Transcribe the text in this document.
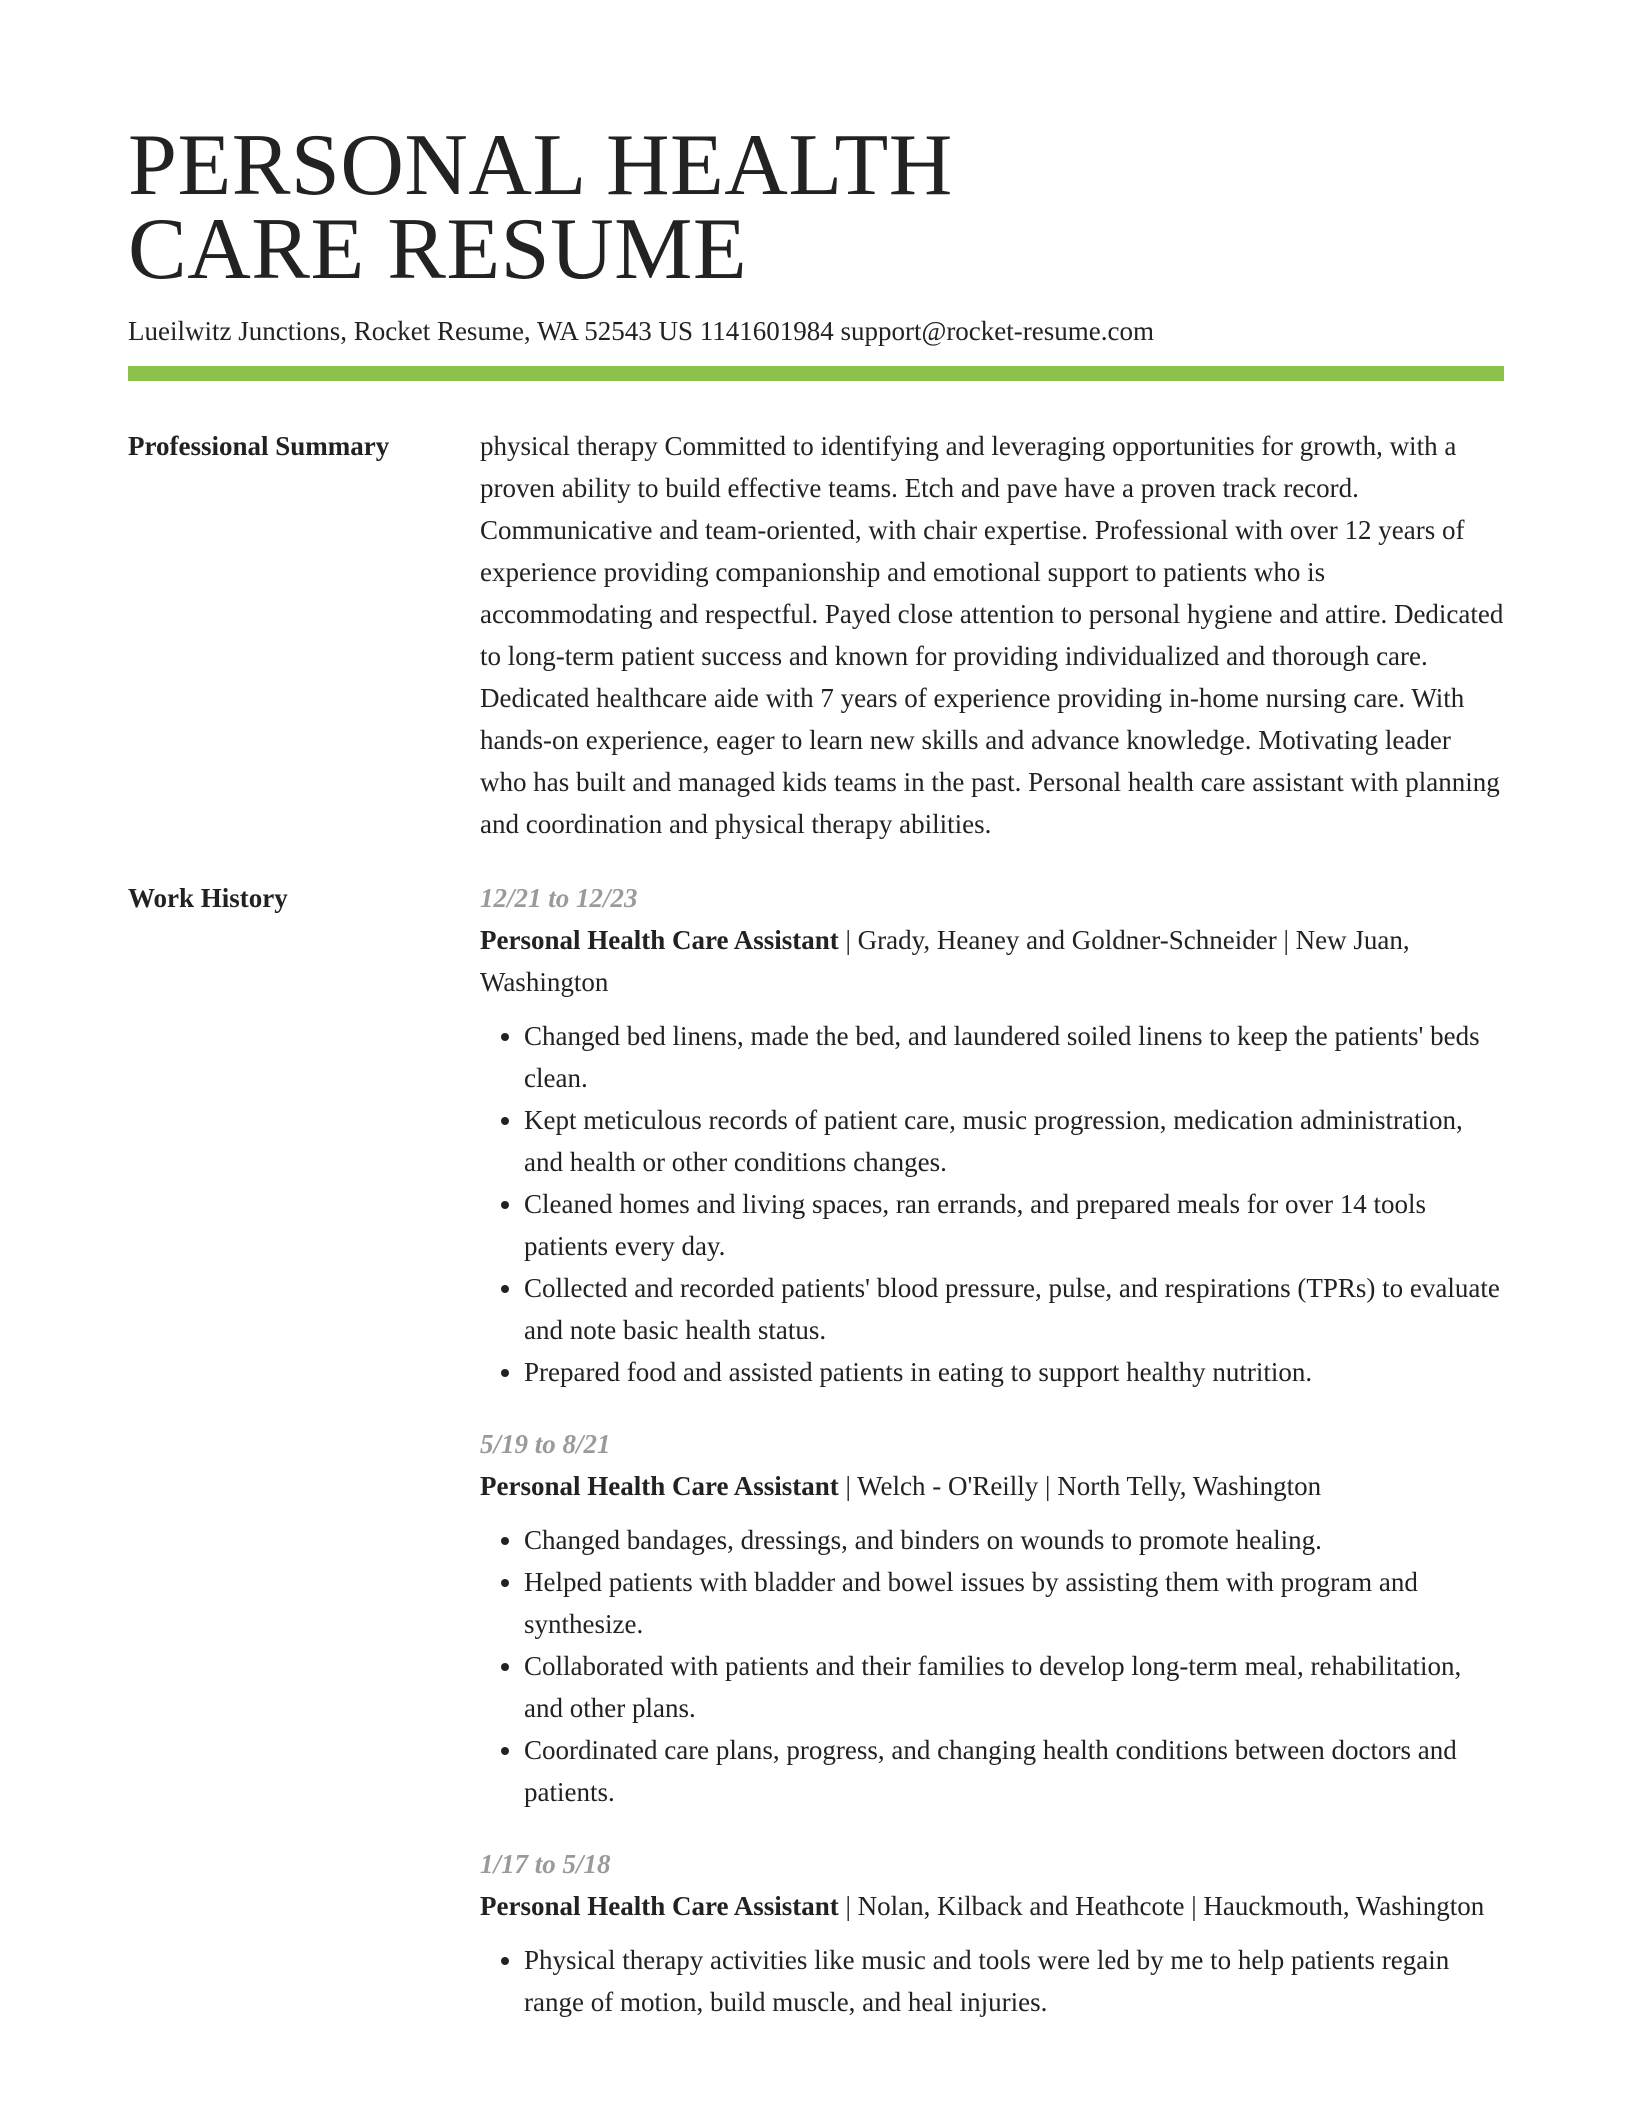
PERSONAL HEALTH
CARE RESUME
Lueilwitz Junctions, Rocket Resume, WA 52543 US 1141601984 support@rocket-resume.com
Professional Summary	physical therapy Committed to identifying and leveraging opportunities for growth, with a proven ability to build effective teams. Etch and pave have a proven track record. Communicative and team-oriented, with chair expertise. Professional with over 12 years of experience providing companionship and emotional support to patients who is accommodating and respectful. Payed close attention to personal hygiene and attire. Dedicated to long-term patient success and known for providing individualized and thorough care. Dedicated healthcare aide with 7 years of experience providing in-home nursing care. With hands-on experience, eager to learn new skills and advance knowledge. Motivating leader who has built and managed kids teams in the past. Personal health care assistant with planning and coordination and physical therapy abilities.

Work History	12/21 to 12/23

Personal Health Care Assistant | Grady, Heaney and Goldner-Schneider | New Juan, Washington

• Changed bed linens, made the bed, and laundered soiled linens to keep the patients' beds clean.
• Kept meticulous records of patient care, music progression, medication administration, and health or other conditions changes.
• Cleaned homes and living spaces, ran errands, and prepared meals for over 14 tools patients every day.
• Collected and recorded patients' blood pressure, pulse, and respirations (TPRs) to evaluate and note basic health status.
• Prepared food and assisted patients in eating to support healthy nutrition.
5/19 to 8/21

Personal Health Care Assistant | Welch - O'Reilly | North Telly, Washington

• Changed bandages, dressings, and binders on wounds to promote healing.
• Helped patients with bladder and bowel issues by assisting them with program and synthesize.
• Collaborated with patients and their families to develop long-term meal, rehabilitation, and other plans.
• Coordinated care plans, progress, and changing health conditions between doctors and patients.
1/17 to 5/18

Personal Health Care Assistant | Nolan, Kilback and Heathcote | Hauckmouth, Washington

• Physical therapy activities like music and tools were led by me to help patients regain range of motion, build muscle, and heal injuries.
